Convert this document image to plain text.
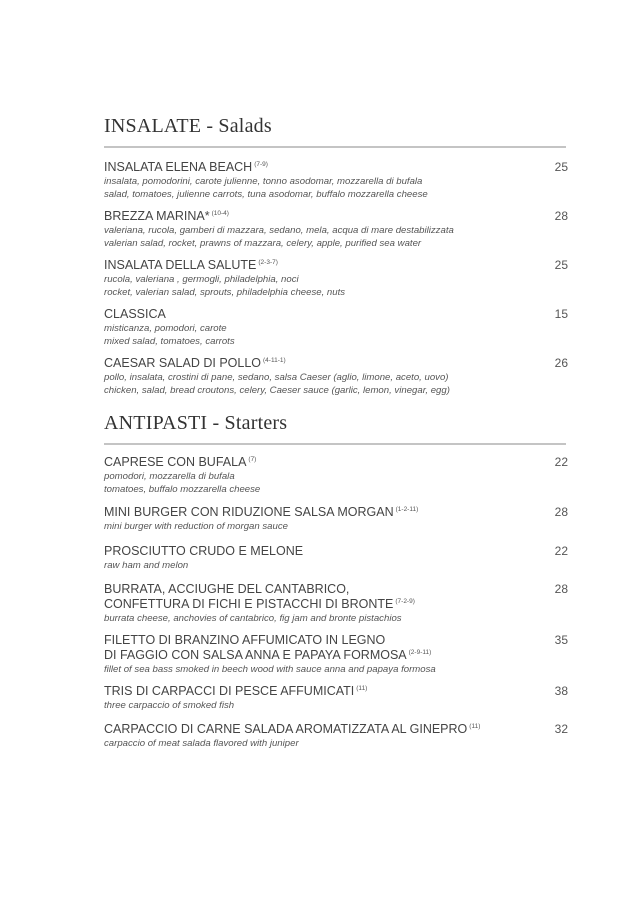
INSALATE - Salads
INSALATA ELENA BEACH $^{(7-9)}$
insalata, pomodorini, carote julienne, tonno asodomar, mozzarella di bufala
salad, tomatoes, julienne carrots, tuna asodomar, buffalo mozzarella cheese
25
BREZZA MARINA* $^{(10-4)}$
valeriana, rucola, gamberi di mazzara, sedano, mela, acqua di mare destabilizzata
valerian salad, rocket, prawns of mazzara, celery, apple, purified sea water
28
INSALATA DELLA SALUTE $^{(2-3-7)}$
rucola, valeriana , germogli, philadelphia, noci
rocket, valerian salad, sprouts, philadelphia cheese, nuts
25
CLASSICA
misticanza, pomodori, carote
mixed salad, tomatoes, carrots
15
CAESAR SALAD DI POLLO $^{(4-11-1)}$
pollo, insalata, crostini di pane, sedano, salsa Caeser (aglio, limone, aceto, uovo)
chicken, salad, bread croutons, celery, Caeser sauce (garlic, lemon, vinegar, egg)
26
ANTIPASTI - Starters
CAPRESE CON BUFALA $^{(7)}$
pomodori, mozzarella di bufala
tomatoes, buffalo mozzarella cheese
22
MINI BURGER CON RIDUZIONE SALSA MORGAN $^{(1-2-11)}$
mini burger with reduction of morgan sauce
28
PROSCIUTTO CRUDO E MELONE
raw ham and melon
22
BURRATA, ACCIUGHE DEL CANTABRICO,
CONFETTURA DI FICHI E PISTACCHI DI BRONTE $^{(7-2-9)}$
burrata cheese, anchovies of cantabrico, fig jam and bronte pistachios
28
FILETTO DI BRANZINO AFFUMICATO IN LEGNO
DI FAGGIO CON SALSA ANNA E PAPAYA FORMOSA $^{(2-9-11)}$
fillet of sea bass smoked in beech wood with sauce anna and papaya formosa
35
TRIS DI CARPACCI DI PESCE AFFUMICATI $^{(11)}$
three carpaccio of smoked fish
38
CARPACCIO DI CARNE SALADA AROMATIZZATA AL GINEPRO $^{(11)}$
carpaccio of meat salada flavored with juniper
32
